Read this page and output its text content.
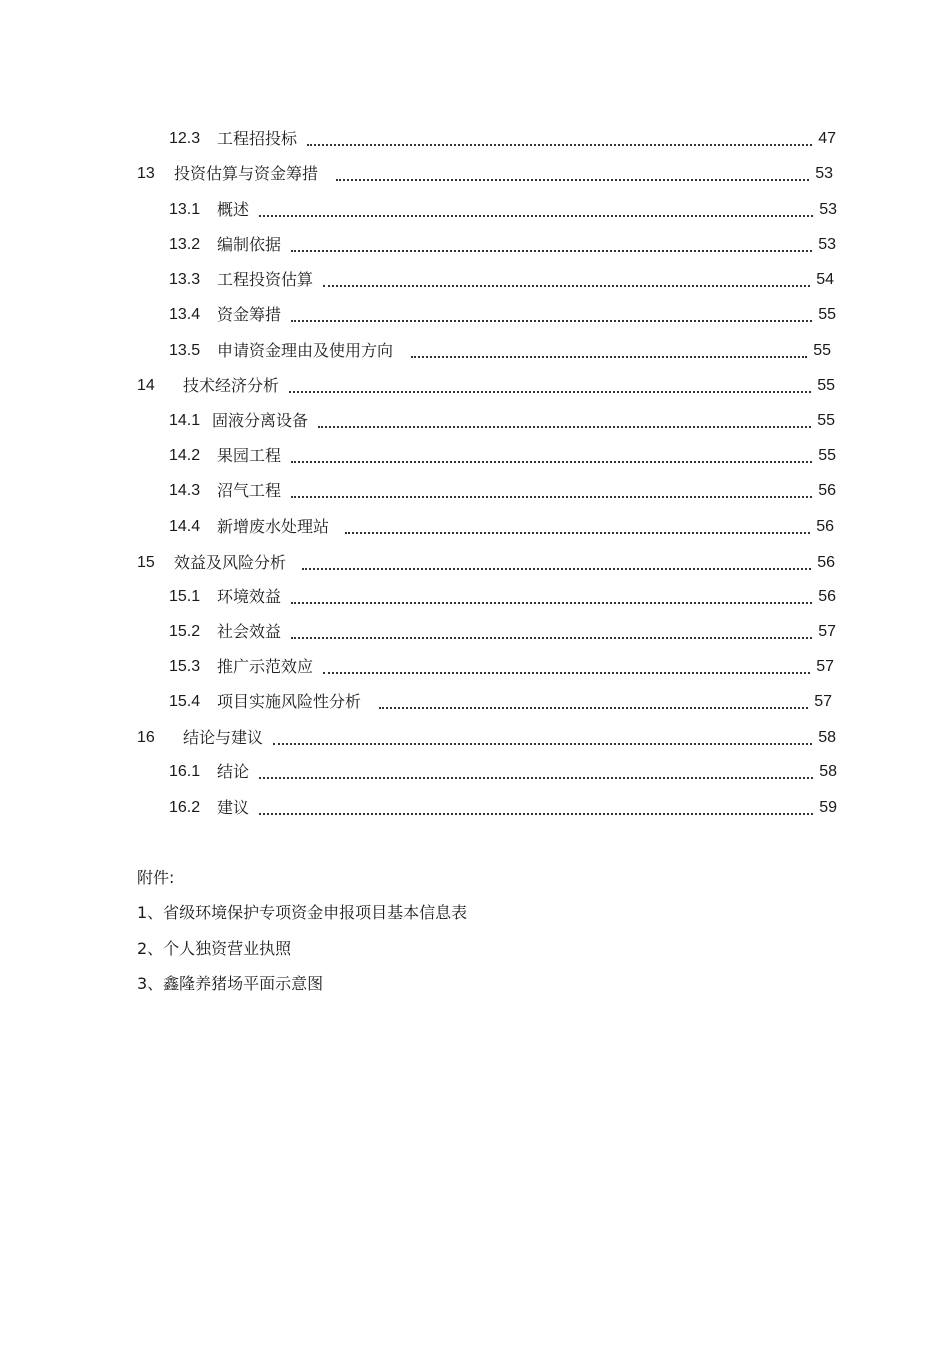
12.3	工程招投标	47
13	投资估算与资金筹措	53
13.1	概述	53
13.2	编制依据	53
13.3	工程投资估算	54
13.4	资金筹措	55
13.5	申请资金理由及使用方向	55
14	技术经济分析	55
14.1 固液分离设备	55
14.2	果园工程	55
14.3	沼气工程	56
14.4	新增废水处理站	56
15	效益及风险分析	56
15.1	环境效益	56
15.2	社会效益	57
15.3	推广示范效应	57
15.4	项目实施风险性分析	57
16	结论与建议	58
16.1	结论	58
16.2	建议	59
附件:
1、省级环境保护专项资金申报项目基本信息表
2、个人独资营业执照
3、鑫隆养猪场平面示意图
